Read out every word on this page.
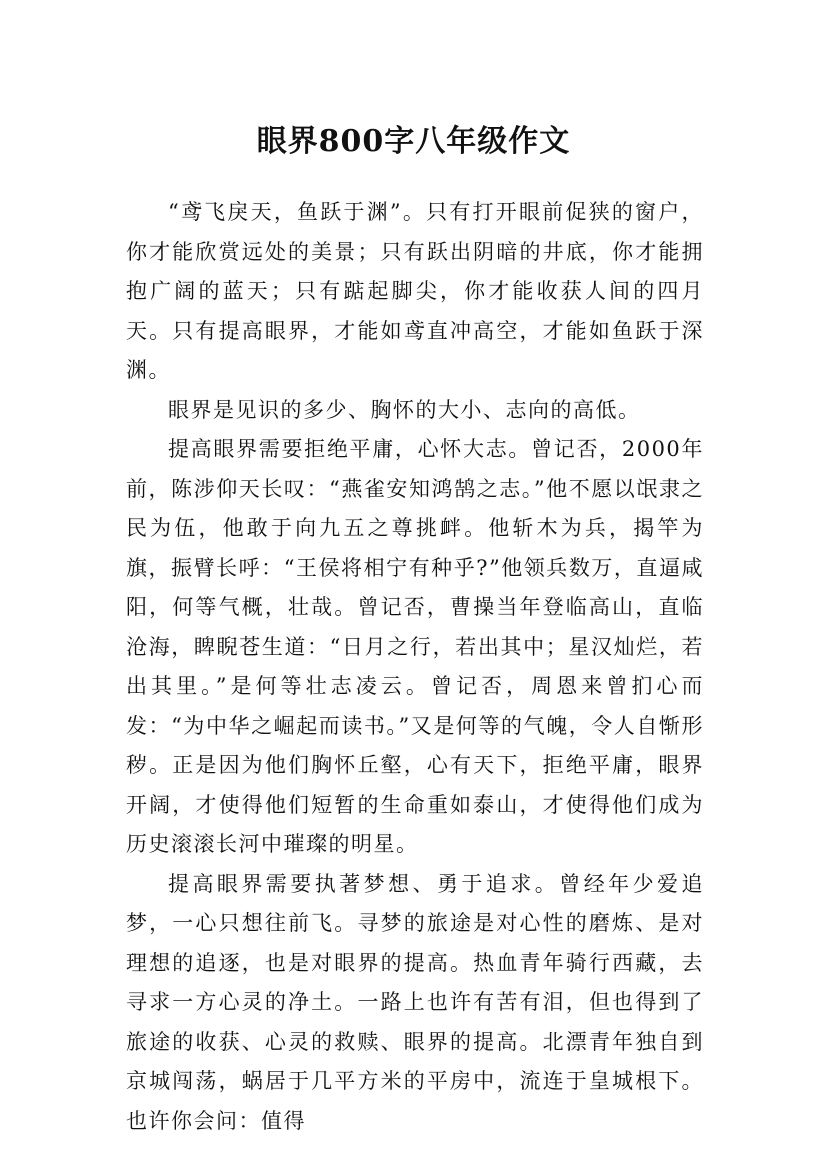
眼界800字八年级作文

“鸢飞戾天，鱼跃于渊”。只有打开眼前促狭的窗户，你才能欣赏远处的美景；只有跃出阴暗的井底，你才能拥抱广阔的蓝天；只有踮起脚尖，你才能收获人间的四月天。只有提高眼界，才能如鸢直冲高空，才能如鱼跃于深渊。

眼界是见识的多少、胸怀的大小、志向的高低。

提高眼界需要拒绝平庸，心怀大志。曾记否，2000年前，陈涉仰天长叹：“燕雀安知鸿鹄之志。”他不愿以氓隶之民为伍，他敢于向九五之尊挑衅。他斩木为兵，揭竿为旗，振臂长呼：“王侯将相宁有种乎?”他领兵数万，直逼咸阳，何等气概，壮哉。曾记否，曹操当年登临高山，直临沧海，睥睨苍生道：“日月之行，若出其中；星汉灿烂，若出其里。”是何等壮志凌云。曾记否，周恩来曾扪心而发：“为中华之崛起而读书。”又是何等的气魄，令人自惭形秽。正是因为他们胸怀丘壑，心有天下，拒绝平庸，眼界开阔，才使得他们短暂的生命重如泰山，才使得他们成为历史滚滚长河中璀璨的明星。

提高眼界需要执著梦想、勇于追求。曾经年少爱追梦，一心只想往前飞。寻梦的旅途是对心性的磨炼、是对理想的追逐，也是对眼界的提高。热血青年骑行西藏，去寻求一方心灵的净土。一路上也许有苦有泪，但也得到了旅途的收获、心灵的救赎、眼界的提高。北漂青年独自到京城闯荡，蜗居于几平方米的平房中，流连于皇城根下。也许你会问：值得
